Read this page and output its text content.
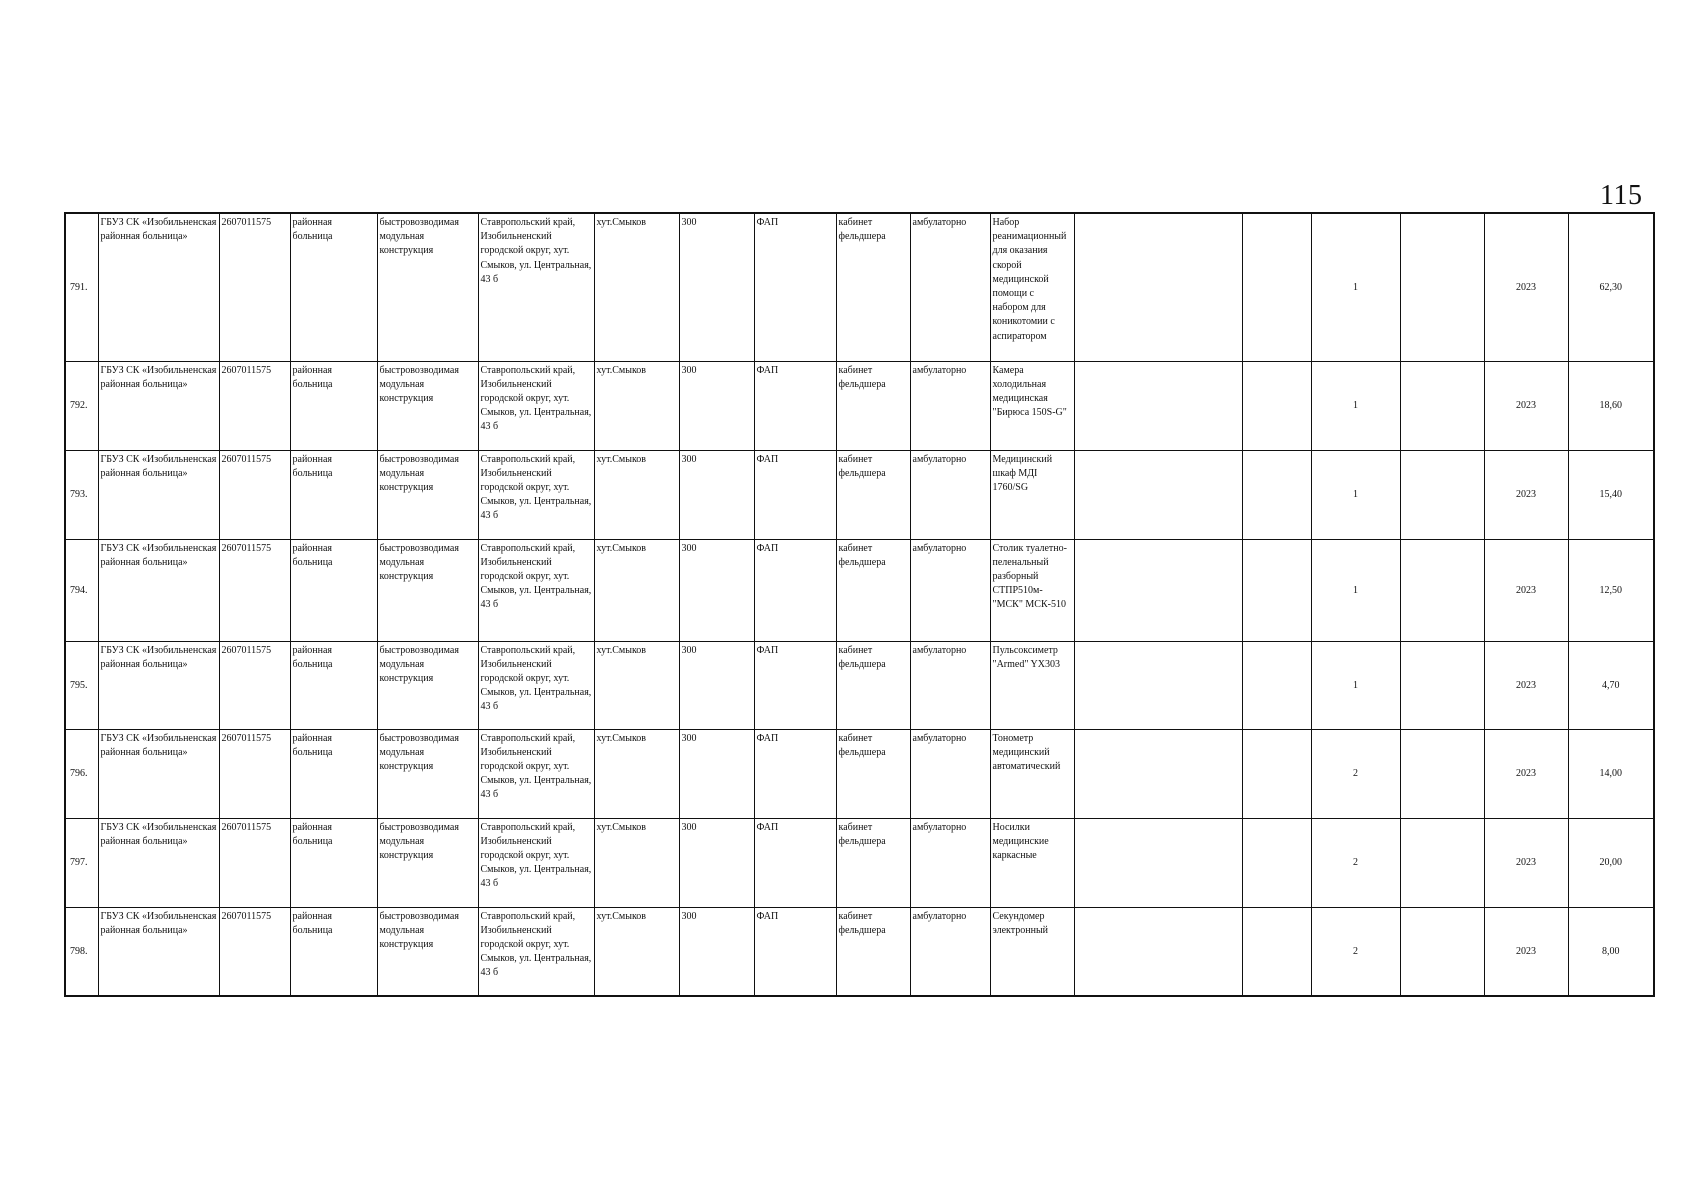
115
791.	ГБУЗ СК «Изобильненская районная больница»	2607011575	районная больница	быстровозводимая модульная конструкция	Ставропольский край, Изобильненский городской округ, хут. Смыков, ул. Центральная, 43 б	хут.Смыков	300	ФАП	кабинет фельдшера	амбулаторно	Набор реанимационный для оказания скорой медицинской помощи с набором для коникотомии с аспиратором			1		2023	62,30
792.	ГБУЗ СК «Изобильненская районная больница»	2607011575	районная больница	быстровозводимая модульная конструкция	Ставропольский край, Изобильненский городской округ, хут. Смыков, ул. Центральная, 43 б	хут.Смыков	300	ФАП	кабинет фельдшера	амбулаторно	Камера холодильная медицинская "Бирюса 150S-G"			1		2023	18,60
793.	ГБУЗ СК «Изобильненская районная больница»	2607011575	районная больница	быстровозводимая модульная конструкция	Ставропольский край, Изобильненский городской округ, хут. Смыков, ул. Центральная, 43 б	хут.Смыков	300	ФАП	кабинет фельдшера	амбулаторно	Медицинский шкаф МДІ 1760/SG			1		2023	15,40
794.	ГБУЗ СК «Изобильненская районная больница»	2607011575	районная больница	быстровозводимая модульная конструкция	Ставропольский край, Изобильненский городской округ, хут. Смыков, ул. Центральная, 43 б	хут.Смыков	300	ФАП	кабинет фельдшера	амбулаторно	Столик туалетно-пеленальный разборный СТПР510м-"МСК" МСК-510			1		2023	12,50
795.	ГБУЗ СК «Изобильненская районная больница»	2607011575	районная больница	быстровозводимая модульная конструкция	Ставропольский край, Изобильненский городской округ, хут. Смыков, ул. Центральная, 43 б	хут.Смыков	300	ФАП	кабинет фельдшера	амбулаторно	Пульсоксиметр "Armed" YX303			1		2023	4,70
796.	ГБУЗ СК «Изобильненская районная больница»	2607011575	районная больница	быстровозводимая модульная конструкция	Ставропольский край, Изобильненский городской округ, хут. Смыков, ул. Центральная, 43 б	хут.Смыков	300	ФАП	кабинет фельдшера	амбулаторно	Тонометр медицинский автоматический			2		2023	14,00
797.	ГБУЗ СК «Изобильненская районная больница»	2607011575	районная больница	быстровозводимая модульная конструкция	Ставропольский край, Изобильненский городской округ, хут. Смыков, ул. Центральная, 43 б	хут.Смыков	300	ФАП	кабинет фельдшера	амбулаторно	Носилки медицинские каркасные			2		2023	20,00
798.	ГБУЗ СК «Изобильненская районная больница»	2607011575	районная больница	быстровозводимая модульная конструкция	Ставропольский край, Изобильненский городской округ, хут. Смыков, ул. Центральная, 43 б	хут.Смыков	300	ФАП	кабинет фельдшера	амбулаторно	Секундомер электронный			2		2023	8,00
